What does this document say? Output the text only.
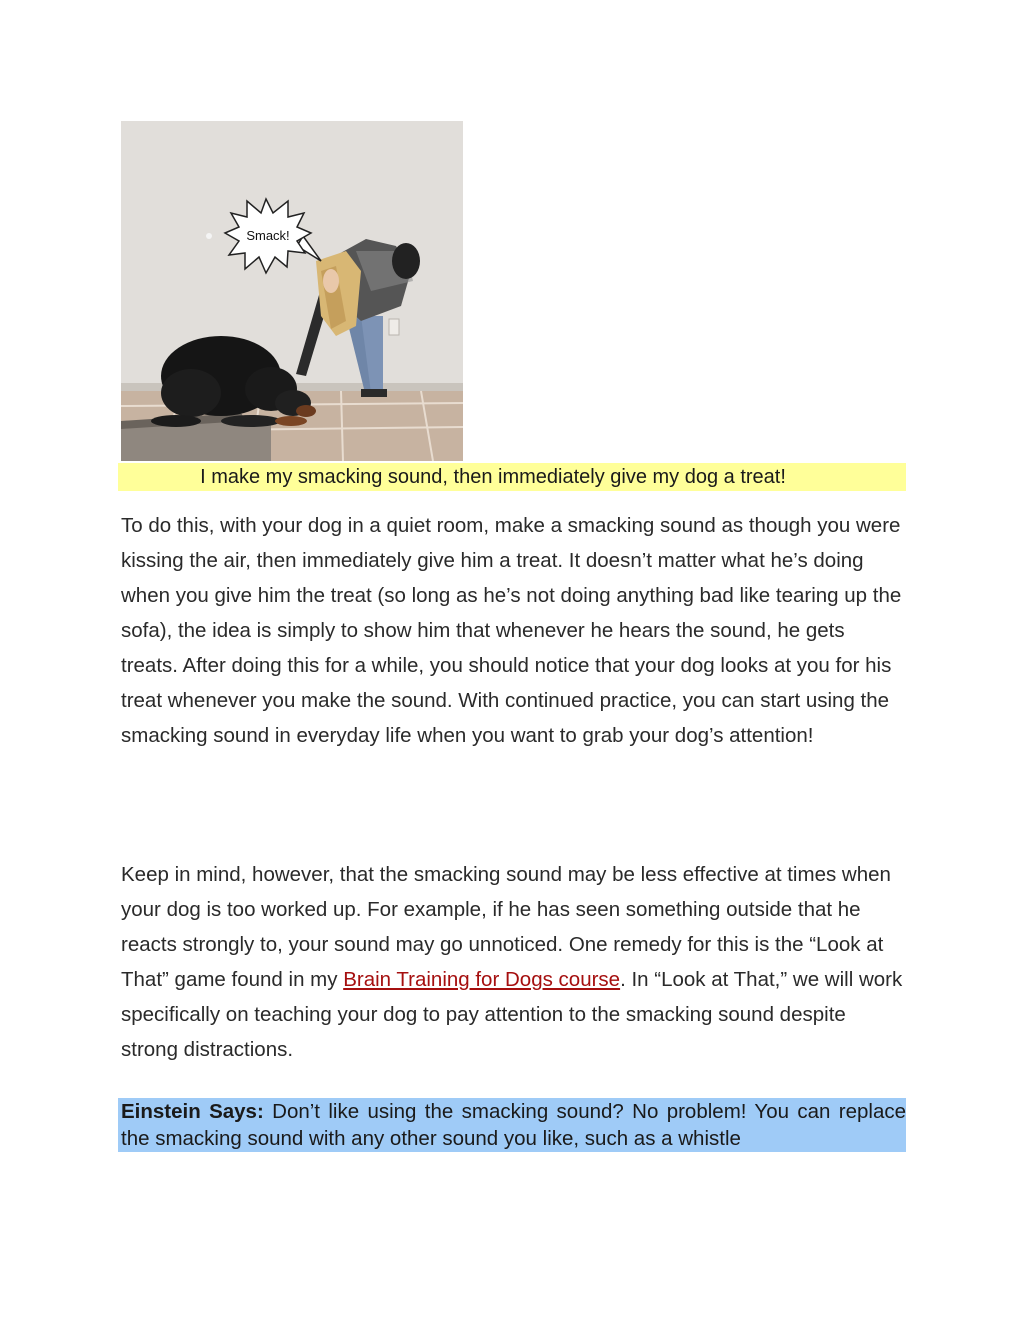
Smack!
I make my smacking sound, then immediately give my dog a treat!

To do this, with your dog in a quiet room, make a smacking sound as though you were kissing the air, then immediately give him a treat. It doesn’t matter what he’s doing when you give him the treat (so long as he’s not doing anything bad like tearing up the sofa), the idea is simply to show him that whenever he hears the sound, he gets treats. After doing this for a while, you should notice that your dog looks at you for his treat whenever you make the sound. With continued practice, you can start using the smacking sound in everyday life when you want to grab your dog’s attention!

Keep in mind, however, that the smacking sound may be less effective at times when your dog is too worked up. For example, if he has seen something outside that he reacts strongly to, your sound may go unnoticed. One remedy for this is the “Look at That” game found in my Brain Training for Dogs course. In “Look at That,” we will work specifically on teaching your dog to pay attention to the smacking sound despite strong distractions.

Einstein Says: Don’t like using the smacking sound? No problem! You can replace the smacking sound with any other sound you like, such as a whistle
